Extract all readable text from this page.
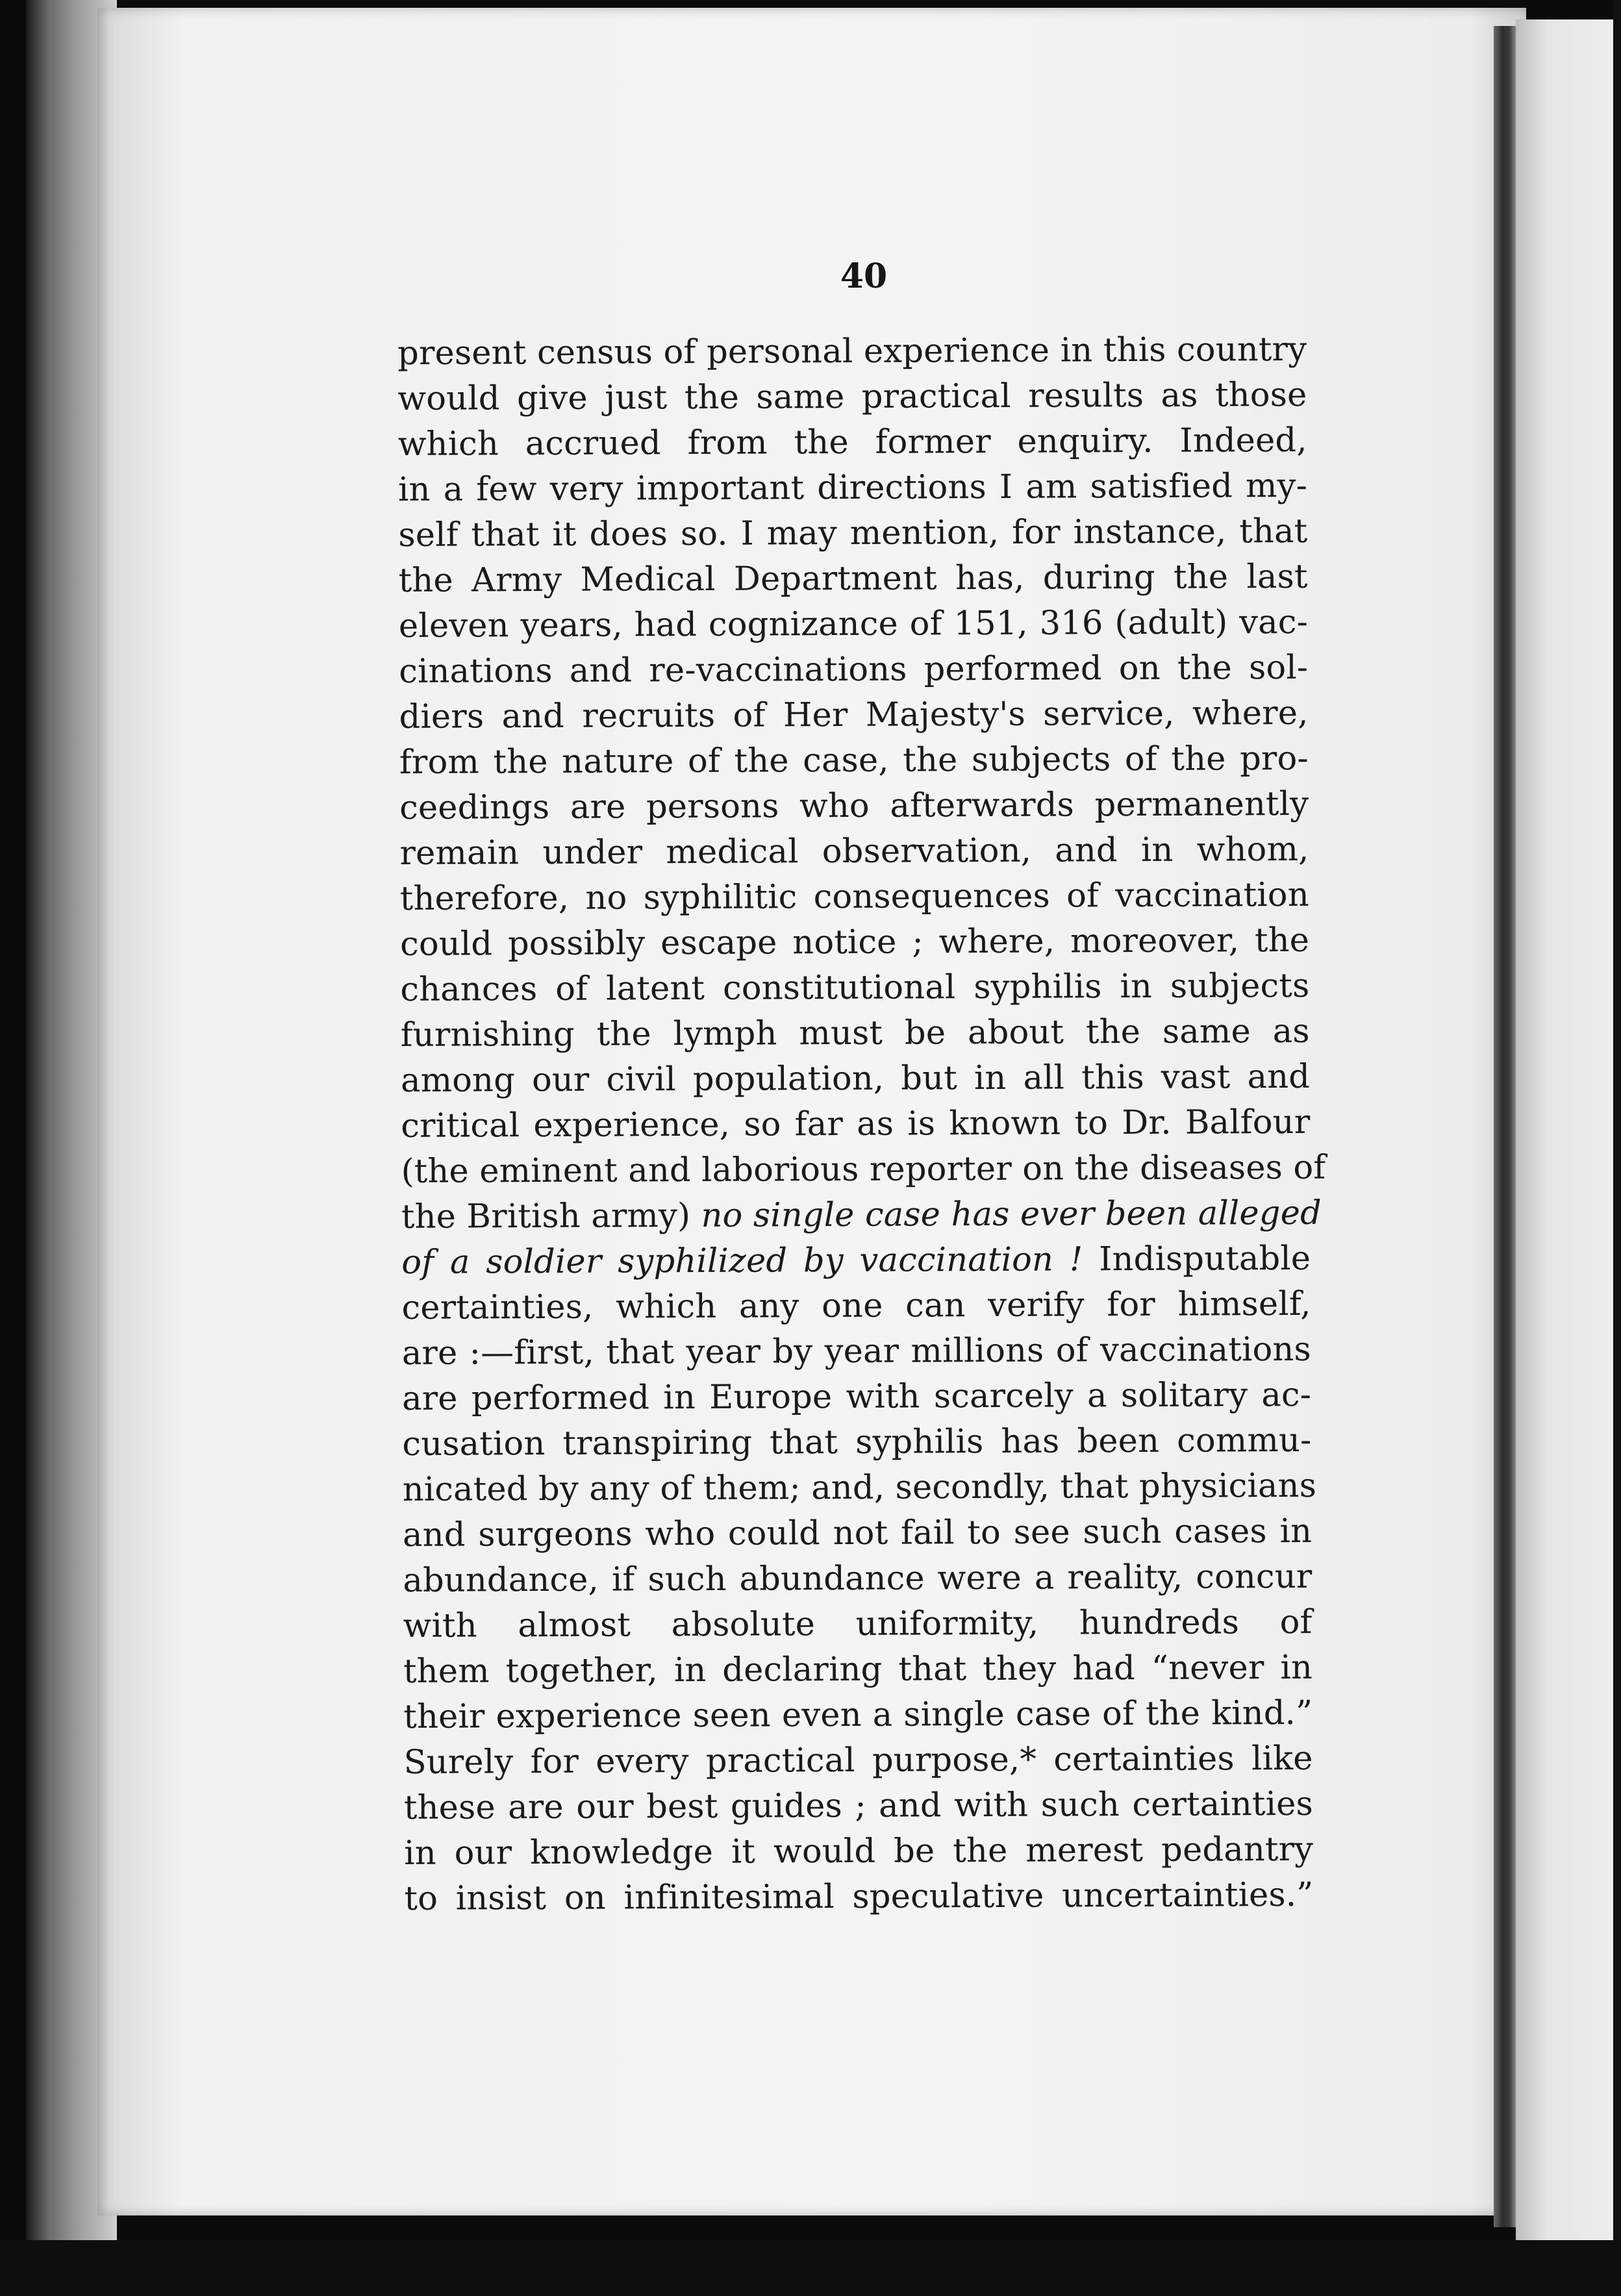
40
present census of personal experience in this country
would give just the same practical results as those
which accrued from the former enquiry. Indeed,
in a few very important directions I am satisfied my-
self that it does so. I may mention, for instance, that
the Army Medical Department has, during the last
eleven years, had cognizance of 151, 316 (adult) vac-
cinations and re-vaccinations performed on the sol-
diers and recruits of Her Majesty's service, where,
from the nature of the case, the subjects of the pro-
ceedings are persons who afterwards permanently
remain under medical observation, and in whom,
therefore, no syphilitic consequences of vaccination
could possibly escape notice ; where, moreover, the
chances of latent constitutional syphilis in subjects
furnishing the lymph must be about the same as
among our civil population, but in all this vast and
critical experience, so far as is known to Dr. Balfour
(the eminent and laborious reporter on the diseases of
the British army) no single case has ever been alleged
of a soldier syphilized by vaccination ! Indisputable
certainties, which any one can verify for himself,
are :—first, that year by year millions of vaccinations
are performed in Europe with scarcely a solitary ac-
cusation transpiring that syphilis has been commu-
nicated by any of them; and, secondly, that physicians
and surgeons who could not fail to see such cases in
abundance, if such abundance were a reality, concur
with almost absolute uniformity, hundreds of
them together, in declaring that they had “never in
their experience seen even a single case of the kind.”
Surely for every practical purpose,* certainties like
these are our best guides ; and with such certainties
in our knowledge it would be the merest pedantry
to insist on infinitesimal speculative uncertainties.”
